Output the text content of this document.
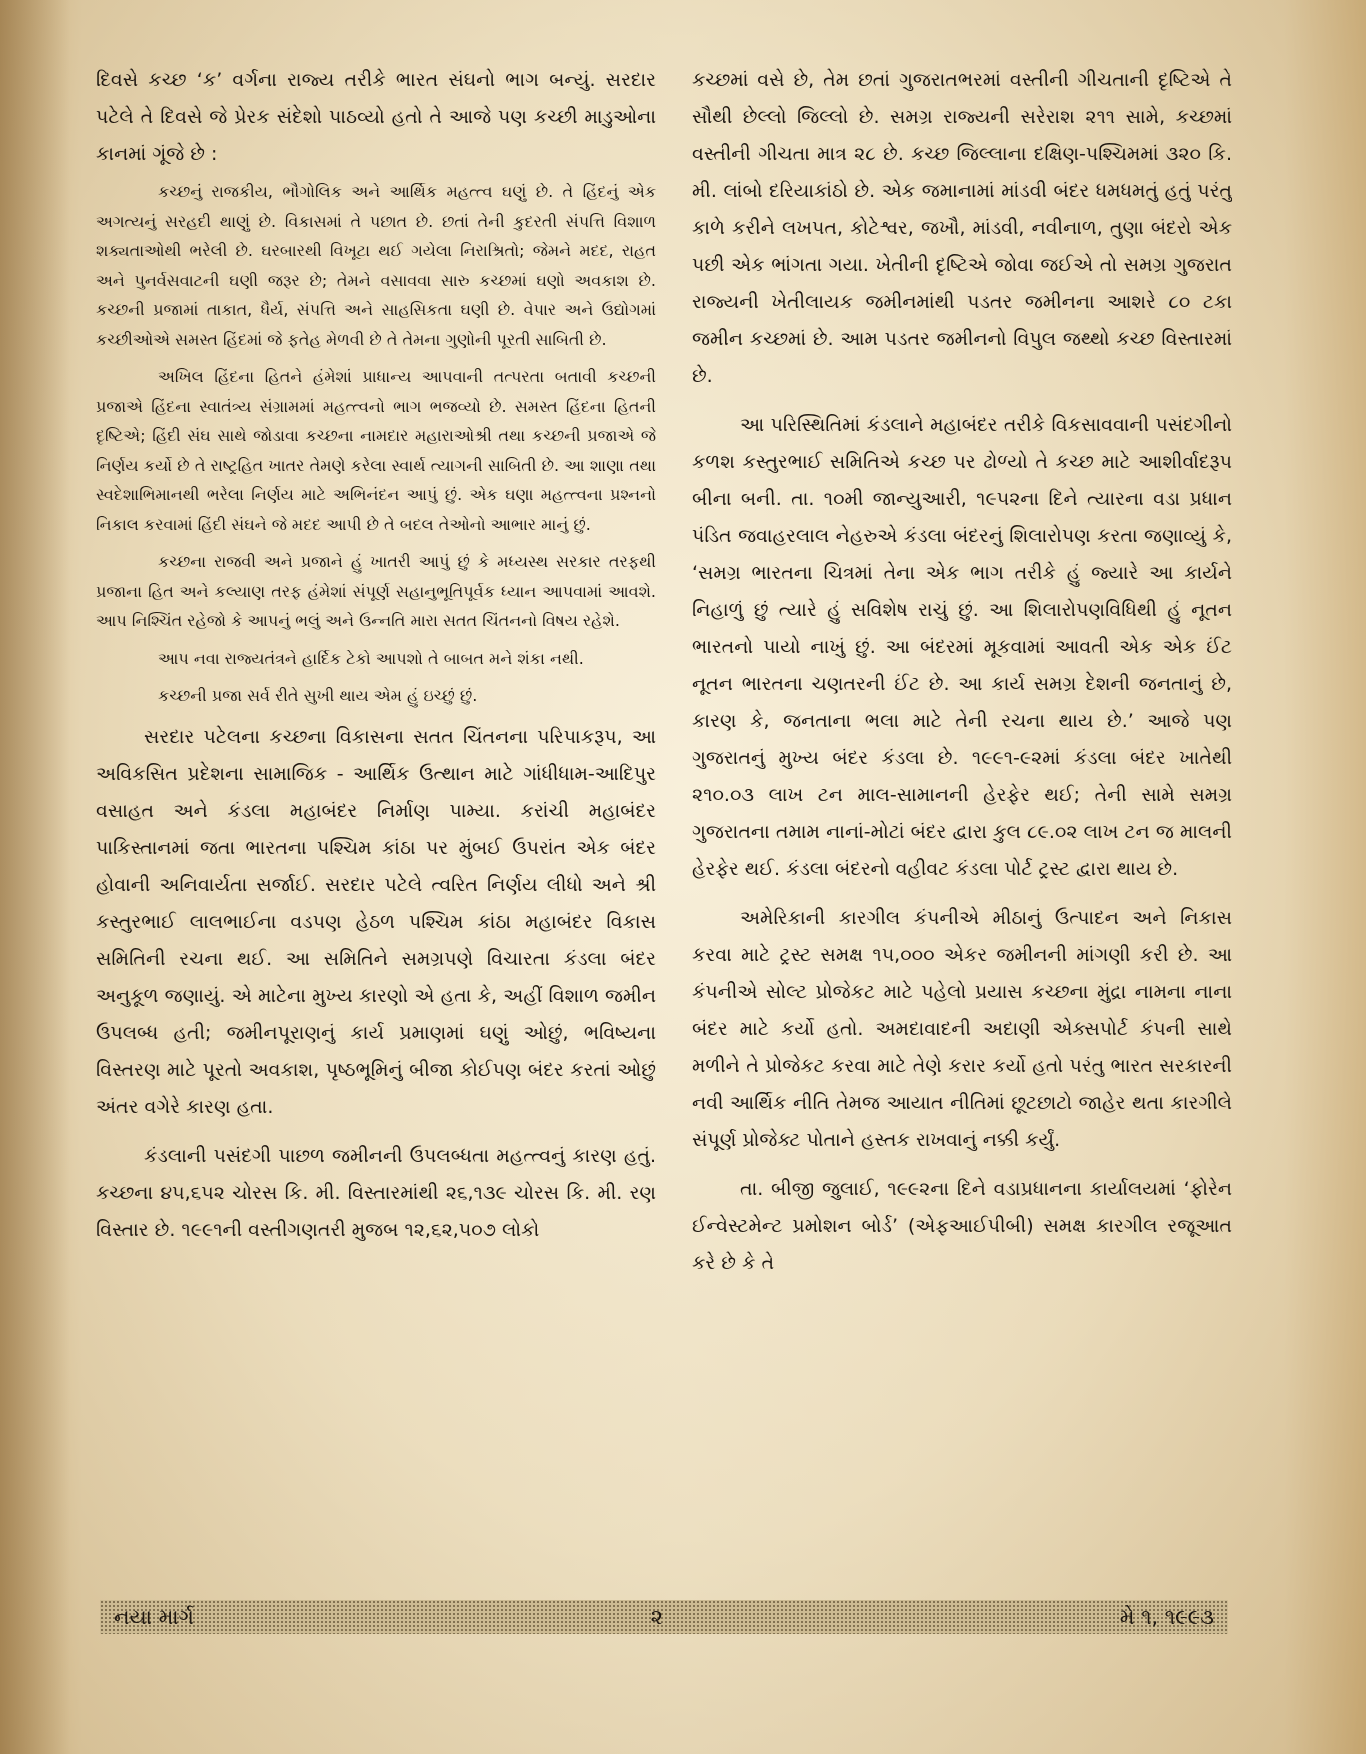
દિવસે કચ્છ ‘ક’ વર્ગના રાજ્ય તરીકે ભારત સંઘનો ભાગ બન્યું. સરદાર પટેલે તે દિવસે જે પ્રેરક સંદેશો પાઠવ્યો હતો તે આજે પણ કચ્છી માડુઓના કાનમાં ગૂંજે છે :

કચ્છનું રાજકીય, ભૌગોલિક અને આર્થિક મહત્ત્વ ઘણું છે. તે હિંદનું એક અગત્યનું સરહદી થાણું છે. વિકાસમાં તે પછાત છે. છતાં તેની કુદરતી સંપત્તિ વિશાળ શક્યતાઓથી ભરેલી છે. ઘરબારથી વિખૂટા થઈ ગયેલા નિરાશ્રિતો; જેમને મદદ, રાહત અને પુનર્વસવાટની ઘણી જરૂર છે; તેમને વસાવવા સારુ કચ્છમાં ઘણો અવકાશ છે. કચ્છની પ્રજામાં તાકાત, ધૈર્ય, સંપત્તિ અને સાહસિકતા ઘણી છે. વેપાર અને ઉદ્યોગમાં કચ્છીઓએ સમસ્ત હિંદમાં જે ફતેહ મેળવી છે તે તેમના ગુણોની પૂરતી સાબિતી છે.

અખિલ હિંદના હિતને હંમેશાં પ્રાધાન્ય આપવાની તત્પરતા બતાવી કચ્છની પ્રજાએ હિંદના સ્વાતંત્ર્ય સંગ્રામમાં મહત્ત્વનો ભાગ ભજવ્યો છે. સમસ્ત હિંદના હિતની દૃષ્ટિએ; હિંદી સંઘ સાથે જોડાવા કચ્છના નામદાર મહારાઓશ્રી તથા કચ્છની પ્રજાએ જે નિર્ણય કર્યો છે તે રાષ્ટ્રહિત ખાતર તેમણે કરેલા સ્વાર્થ ત્યાગની સાબિતી છે. આ શાણા તથા સ્વદેશાભિમાનથી ભરેલા નિર્ણય માટે અભિનંદન આપું છું. એક ઘણા મહત્ત્વના પ્રશ્નનો નિકાલ કરવામાં હિંદી સંઘને જે મદદ આપી છે તે બદલ તેઓનો આભાર માનું છું.

કચ્છના રાજવી અને પ્રજાને હું ખાતરી આપું છું કે મધ્યસ્થ સરકાર તરફથી પ્રજાના હિત અને કલ્યાણ તરફ હંમેશાં સંપૂર્ણ સહાનુભૂતિપૂર્વક ધ્યાન આપવામાં આવશે. આપ નિશ્ચિંત રહેજો કે આપનું ભલું અને ઉન્નતિ મારા સતત ચિંતનનો વિષય રહેશે.

આપ નવા રાજ્યતંત્રને હાર્દિક ટેકો આપશો તે બાબત મને શંકા નથી.

કચ્છની પ્રજા સર્વ રીતે સુખી થાય એમ હું ઇચ્છું છું.

સરદાર પટેલના કચ્છના વિકાસના સતત ચિંતનના પરિપાકરૂપ, આ અવિકસિત પ્રદેશના સામાજિક - આર્થિક ઉત્થાન માટે ગાંધીધામ-આદિપુર વસાહત અને કંડલા મહાબંદર નિર્માણ પામ્યા. કરાંચી મહાબંદર પાકિસ્તાનમાં જતા ભારતના પશ્ચિમ કાંઠા પર મુંબઈ ઉપરાંત એક બંદર હોવાની અનિવાર્યતા સર્જાઈ. સરદાર પટેલે ત્વરિત નિર્ણય લીધો અને શ્રી કસ્તુરભાઈ લાલભાઈના વડપણ હેઠળ પશ્ચિમ કાંઠા મહાબંદર વિકાસ સમિતિની રચના થઈ. આ સમિતિને સમગ્રપણે વિચારતા કંડલા બંદર અનુકૂળ જણાયું. એ માટેના મુખ્ય કારણો એ હતા કે, અહીં વિશાળ જમીન ઉપલબ્ધ હતી; જમીનપૂરાણનું કાર્ય પ્રમાણમાં ઘણું ઓછું, ભવિષ્યના વિસ્તરણ માટે પૂરતો અવકાશ, પૃષ્ઠભૂમિનું બીજા કોઈપણ બંદર કરતાં ઓછું અંતર વગેરે કારણ હતા.

કંડલાની પસંદગી પાછળ જમીનની ઉપલબ્ધતા મહત્ત્વનું કારણ હતું. કચ્છના ૪૫,૬૫૨ ચોરસ કિ. મી. વિસ્તારમાંથી ૨૬,૧૩૯ ચોરસ કિ. મી. રણ વિસ્તાર છે. ૧૯૯૧ની વસ્તીગણતરી મુજબ ૧૨,૬૨,૫૦૭ લોકો

કચ્છમાં વસે છે, તેમ છતાં ગુજરાતભરમાં વસ્તીની ગીચતાની દૃષ્ટિએ તે સૌથી છેલ્લો જિલ્લો છે. સમગ્ર રાજ્યની સરેરાશ ૨૧૧ સામે, કચ્છમાં વસ્તીની ગીચતા માત્ર ૨૮ છે. કચ્છ જિલ્લાના દક્ષિણ-પશ્ચિમમાં ૩૨૦ કિ. મી. લાંબો દરિયાકાંઠો છે. એક જમાનામાં માંડવી બંદર ધમધમતું હતું પરંતુ કાળે કરીને લખપત, કોટેશ્વર, જખૌ, માંડવી, નવીનાળ, તુણા બંદરો એક પછી એક ભાંગતા ગયા. ખેતીની દૃષ્ટિએ જોવા જઈએ તો સમગ્ર ગુજરાત રાજ્યની ખેતીલાયક જમીનમાંથી પડતર જમીનના આશરે ૮૦ ટકા જમીન કચ્છમાં છે. આમ પડતર જમીનનો વિપુલ જથ્થો કચ્છ વિસ્તારમાં છે.

આ પરિસ્થિતિમાં કંડલાને મહાબંદર તરીકે વિકસાવવાની પસંદગીનો કળશ કસ્તુરભાઈ સમિતિએ કચ્છ પર ઢોળ્યો તે કચ્છ માટે આશીર્વાદરૂપ બીના બની. તા. ૧૦મી જાન્યુઆરી, ૧૯૫૨ના દિને ત્યારના વડા પ્રધાન પંડિત જવાહરલાલ નેહરુએ કંડલા બંદરનું શિલારોપણ કરતા જણાવ્યું કે, ‘સમગ્ર ભારતના ચિત્રમાં તેના એક ભાગ તરીકે હું જ્યારે આ કાર્યને નિહાળું છું ત્યારે હું સવિશેષ રાચું છું. આ શિલારોપણવિધિથી હું નૂતન ભારતનો પાયો નાખું છું. આ બંદરમાં મૂકવામાં આવતી એક એક ઈંટ નૂતન ભારતના ચણતરની ઈંટ છે. આ કાર્ય સમગ્ર દેશની જનતાનું છે, કારણ કે, જનતાના ભલા માટે તેની રચના થાય છે.’ આજે પણ ગુજરાતનું મુખ્ય બંદર કંડલા છે. ૧૯૯૧-૯૨માં કંડલા બંદર ખાતેથી ૨૧૦.૦૩ લાખ ટન માલ-સામાનની હેરફેર થઈ; તેની સામે સમગ્ર ગુજરાતના તમામ નાનાં-મોટાં બંદર દ્વારા કુલ ૮૯.૦૨ લાખ ટન જ માલની હેરફેર થઈ. કંડલા બંદરનો વહીવટ કંડલા પોર્ટ ટ્રસ્ટ દ્વારા થાય છે.

અમેરિકાની કારગીલ કંપનીએ મીઠાનું ઉત્પાદન અને નિકાસ કરવા માટે ટ્રસ્ટ સમક્ષ ૧૫,૦૦૦ એકર જમીનની માંગણી કરી છે. આ કંપનીએ સોલ્ટ પ્રોજેકટ માટે પહેલો પ્રયાસ કચ્છના મુંદ્રા નામના નાના બંદર માટે કર્યો હતો. અમદાવાદની અદાણી એક્સપોર્ટ કંપની સાથે મળીને તે પ્રોજેકટ કરવા માટે તેણે કરાર કર્યો હતો પરંતુ ભારત સરકારની નવી આર્થિક નીતિ તેમજ આયાત નીતિમાં છૂટછાટો જાહેર થતા કારગીલે સંપૂર્ણ પ્રોજેક્ટ પોતાને હસ્તક રાખવાનું નક્કી કર્યું.

તા. બીજી જુલાઈ, ૧૯૯૨ના દિને વડાપ્રધાનના કાર્યાલયમાં ‘ફોરેન ઈન્વેસ્ટમેન્ટ પ્રમોશન બોર્ડ’ (એફઆઈપીબી) સમક્ષ કારગીલ રજૂઆત કરે છે કે તે

નયા માર્ગ	૨	મે ૧, ૧૯૯૩
